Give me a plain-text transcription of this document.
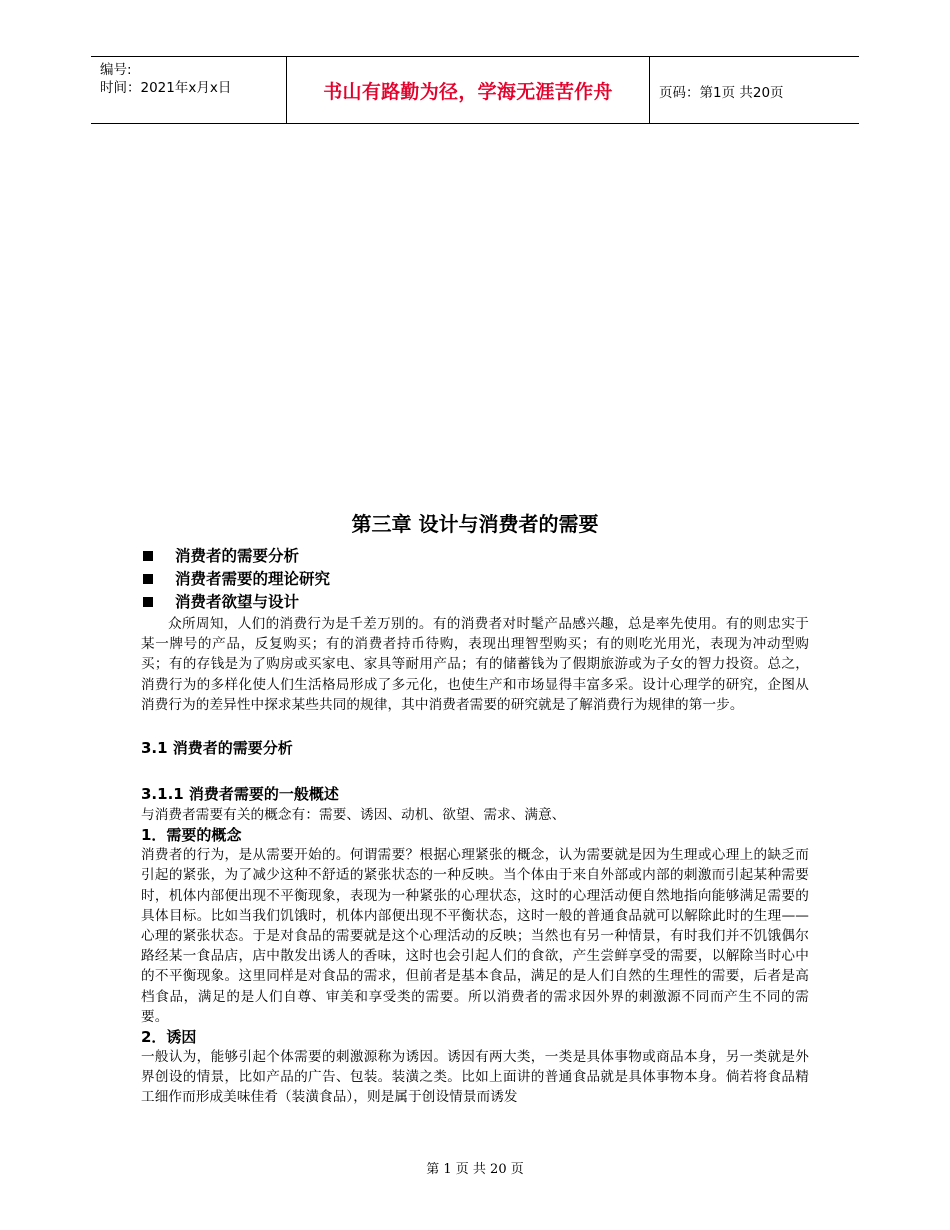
编号:
时间：2021年x月x日	书山有路勤为径，学海无涯苦作舟	页码：第1页 共20页
第三章 设计与消费者的需要
消费者的需要分析
消费者需要的理论研究
消费者欲望与设计

众所周知，人们的消费行为是千差万别的。有的消费者对时髦产品感兴趣，总是率先使用。有的则忠实于某一牌号的产品，反复购买；有的消费者持币待购，表现出理智型购买；有的则吃光用光，表现为冲动型购买；有的存钱是为了购房或买家电、家具等耐用产品；有的储蓄钱为了假期旅游或为子女的智力投资。总之，消费行为的多样化使人们生活格局形成了多元化，也使生产和市场显得丰富多采。设计心理学的研究，企图从消费行为的差异性中探求某些共同的规律，其中消费者需要的研究就是了解消费行为规律的第一步。

3.1 消费者的需要分析
3.1.1 消费者需要的一般概述

与消费者需要有关的概念有：需要、诱因、动机、欲望、需求、满意、

1．需要的概念

消费者的行为，是从需要开始的。何谓需要？根据心理紧张的概念，认为需要就是因为生理或心理上的缺乏而引起的紧张，为了减少这种不舒适的紧张状态的一种反映。当个体由于来自外部或内部的刺激而引起某种需要时，机体内部便出现不平衡现象，表现为一种紧张的心理状态，这时的心理活动便自然地指向能够满足需要的具体目标。比如当我们饥饿时，机体内部便出现不平衡状态，这时一般的普通食品就可以解除此时的生理——心理的紧张状态。于是对食品的需要就是这个心理活动的反映；当然也有另一种情景，有时我们并不饥饿偶尔路经某一食品店，店中散发出诱人的香味，这时也会引起人们的食欲，产生尝鲜享受的需要，以解除当时心中的不平衡现象。这里同样是对食品的需求，但前者是基本食品，满足的是人们自然的生理性的需要，后者是高档食品，满足的是人们自尊、审美和享受类的需要。所以消费者的需求因外界的刺激源不同而产生不同的需要。

2．诱因

一般认为，能够引起个体需要的刺激源称为诱因。诱因有两大类，一类是具体事物或商品本身，另一类就是外界创设的情景，比如产品的广告、包装。装潢之类。比如上面讲的普通食品就是具体事物本身。倘若将食品精工细作而形成美味佳肴（装潢食品），则是属于创设情景而诱发

第 1 页 共 20 页
